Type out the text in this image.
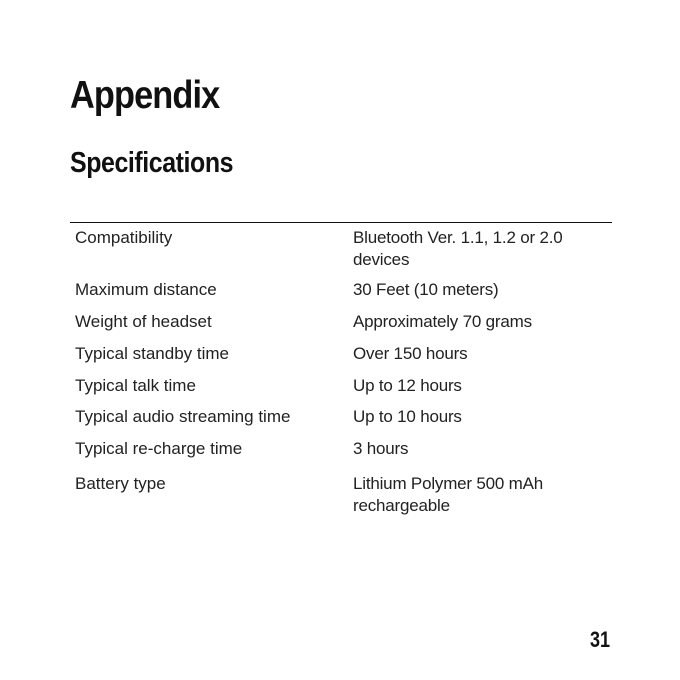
Appendix
Specifications
Compatibility	Bluetooth Ver. 1.1, 1.2 or 2.0
devices
Maximum distance	30 Feet (10 meters)
Weight of headset	Approximately 70 grams
Typical standby time	Over 150 hours
Typical talk time	Up to 12 hours
Typical audio streaming time	Up to 10 hours
Typical re-charge time	3 hours
Battery type	Lithium Polymer 500 mAh
rechargeable
31
